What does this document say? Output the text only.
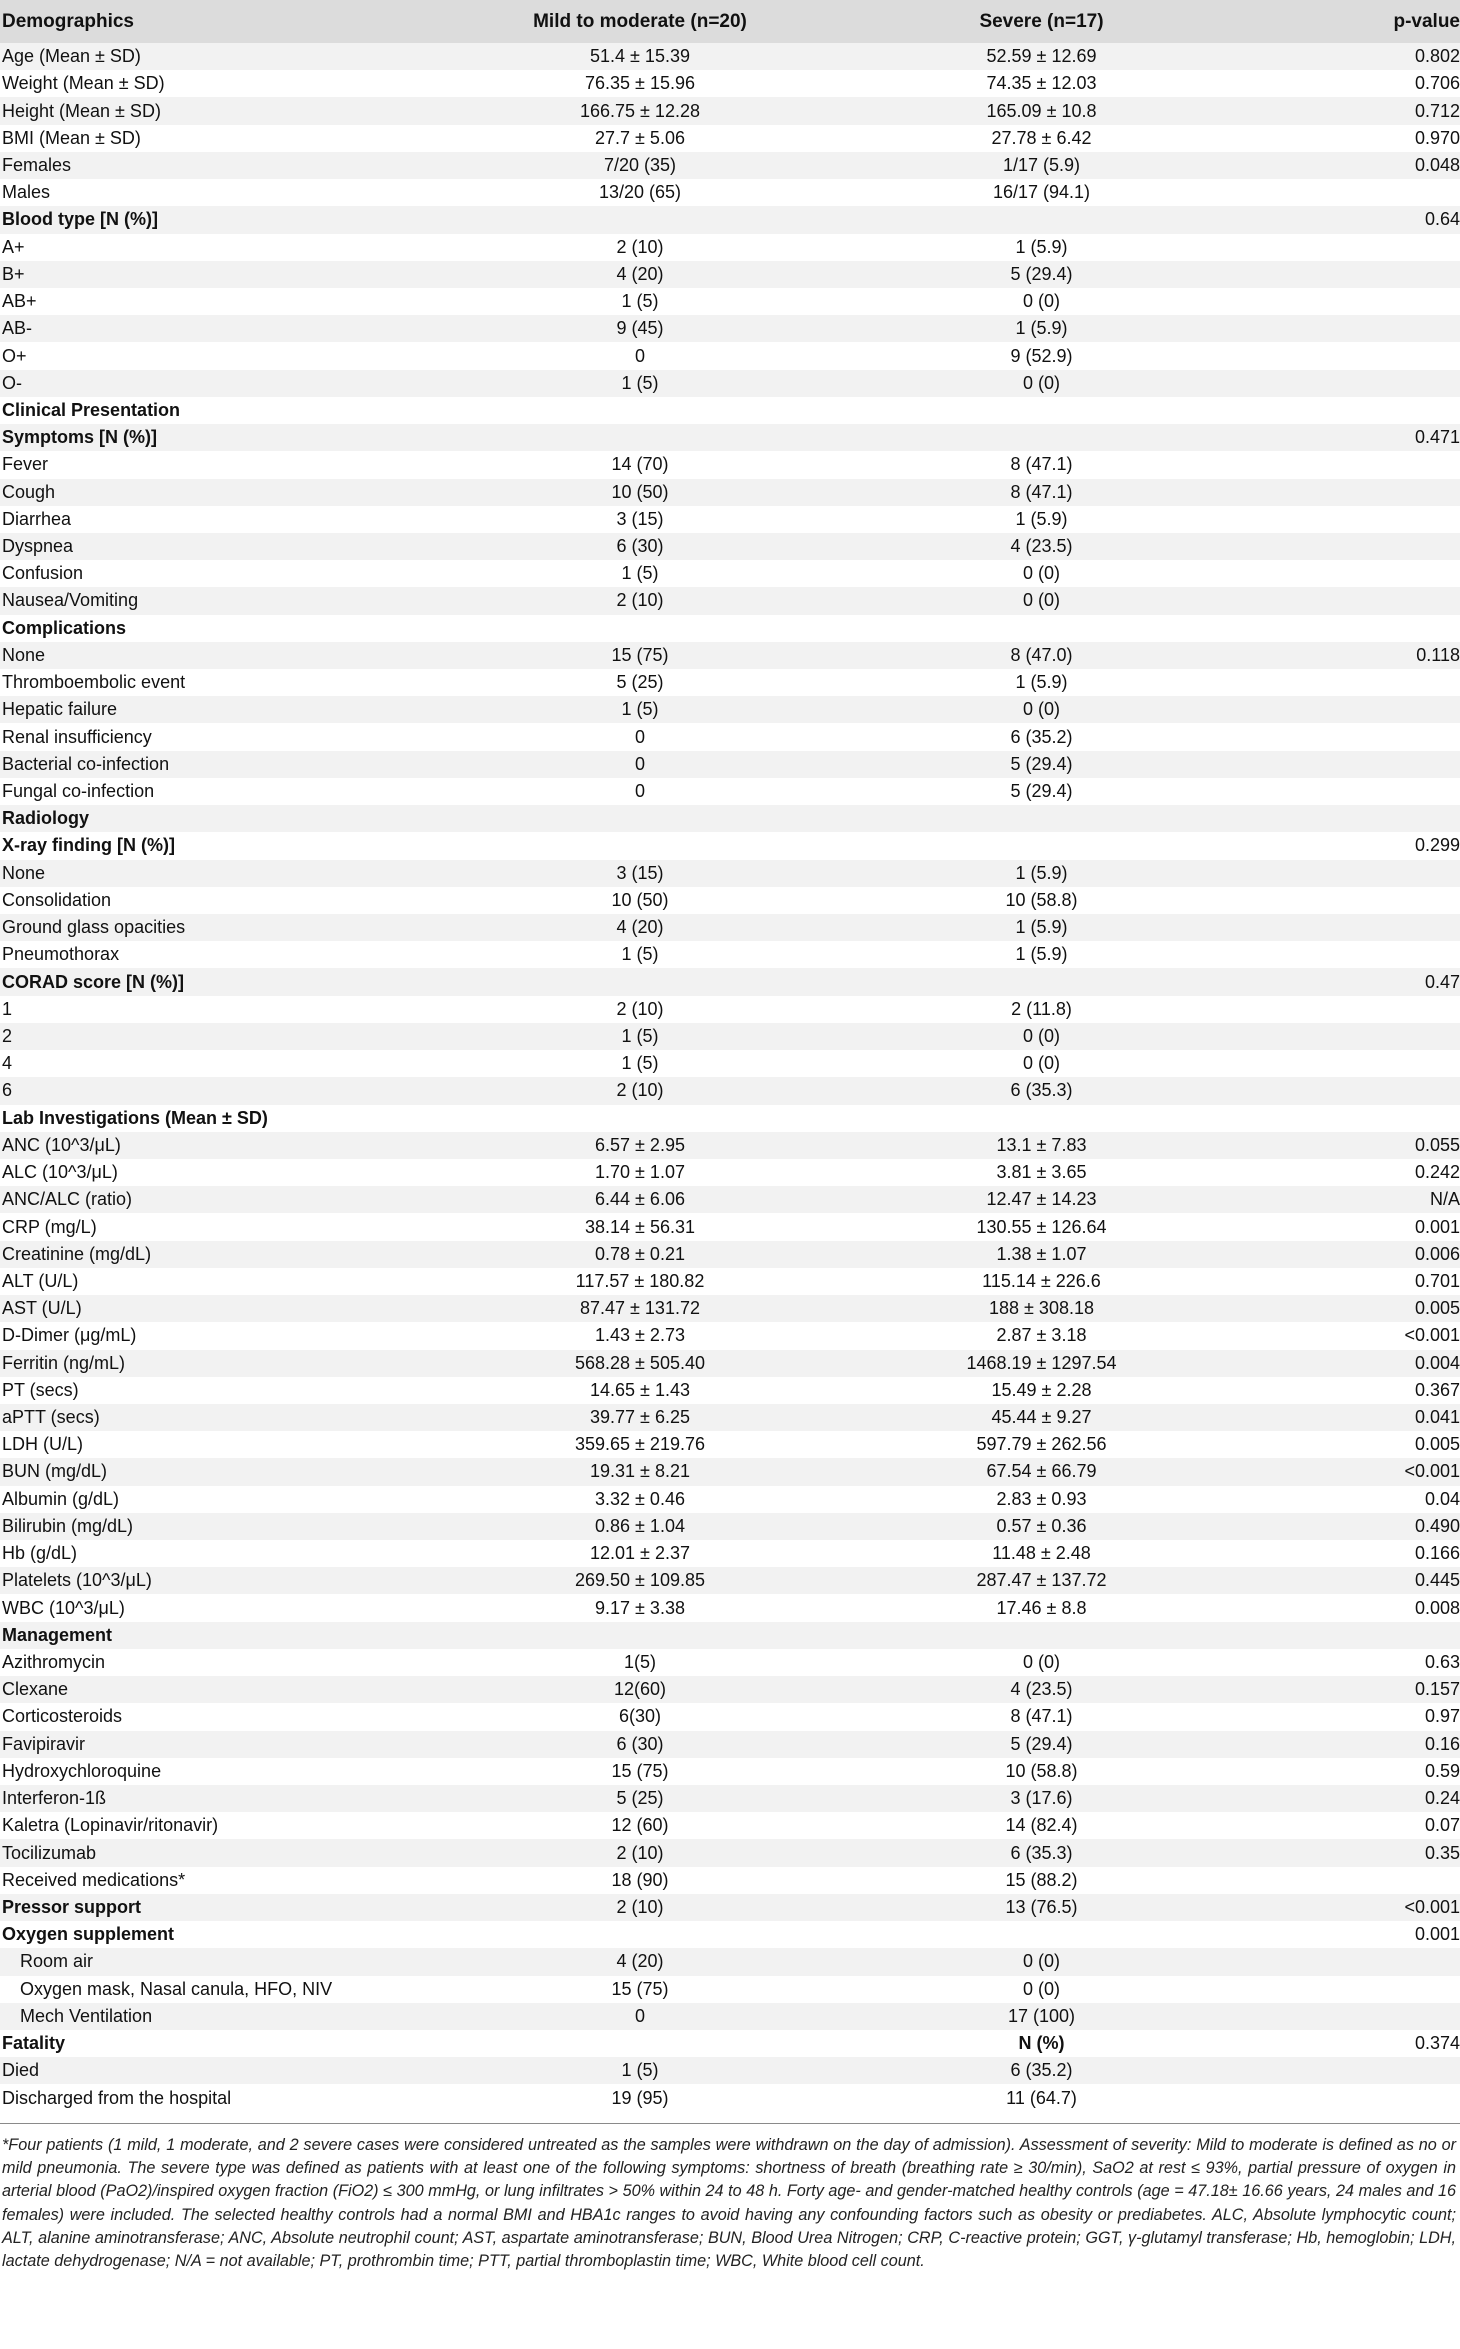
Demographics	Mild to moderate (n=20)	Severe (n=17)	p-value
Age (Mean ± SD)	51.4 ± 15.39	52.59 ± 12.69	0.802
Weight (Mean ± SD)	76.35 ± 15.96	74.35 ± 12.03	0.706
Height (Mean ± SD)	166.75 ± 12.28	165.09 ± 10.8	0.712
BMI (Mean ± SD)	27.7 ± 5.06	27.78 ± 6.42	0.970
Females	7/20 (35)	1/17 (5.9)	0.048
Males	13/20 (65)	16/17 (94.1)	
Blood type [N (%)]			0.64
A+	2 (10)	1 (5.9)	
B+	4 (20)	5 (29.4)	
AB+	1 (5)	0 (0)	
AB-	9 (45)	1 (5.9)	
O+	0	9 (52.9)	
O-	1 (5)	0 (0)	
Clinical Presentation			
Symptoms [N (%)]			0.471
Fever	14 (70)	8 (47.1)	
Cough	10 (50)	8 (47.1)	
Diarrhea	3 (15)	1 (5.9)	
Dyspnea	6 (30)	4 (23.5)	
Confusion	1 (5)	0 (0)	
Nausea/Vomiting	2 (10)	0 (0)	
Complications			
None	15 (75)	8 (47.0)	0.118
Thromboembolic event	5 (25)	1 (5.9)	
Hepatic failure	1 (5)	0 (0)	
Renal insufficiency	0	6 (35.2)	
Bacterial co-infection	0	5 (29.4)	
Fungal co-infection	0	5 (29.4)	
Radiology			
X-ray finding [N (%)]			0.299
None	3 (15)	1 (5.9)	
Consolidation	10 (50)	10 (58.8)	
Ground glass opacities	4 (20)	1 (5.9)	
Pneumothorax	1 (5)	1 (5.9)	
CORAD score [N (%)]			0.47
1	2 (10)	2 (11.8)	
2	1 (5)	0 (0)	
4	1 (5)	0 (0)	
6	2 (10)	6 (35.3)	
Lab Investigations (Mean ± SD)			
ANC (10^3/μL)	6.57 ± 2.95	13.1 ± 7.83	0.055
ALC (10^3/μL)	1.70 ± 1.07	3.81 ± 3.65	0.242
ANC/ALC (ratio)	6.44 ± 6.06	12.47 ± 14.23	N/A
CRP (mg/L)	38.14 ± 56.31	130.55 ± 126.64	0.001
Creatinine (mg/dL)	0.78 ± 0.21	1.38 ± 1.07	0.006
ALT (U/L)	117.57 ± 180.82	115.14 ± 226.6	0.701
AST (U/L)	87.47 ± 131.72	188 ± 308.18	0.005
D-Dimer (μg/mL)	1.43 ± 2.73	2.87 ± 3.18	<0.001
Ferritin (ng/mL)	568.28 ± 505.40	1468.19 ± 1297.54	0.004
PT (secs)	14.65 ± 1.43	15.49 ± 2.28	0.367
aPTT (secs)	39.77 ± 6.25	45.44 ± 9.27	0.041
LDH (U/L)	359.65 ± 219.76	597.79 ± 262.56	0.005
BUN (mg/dL)	19.31 ± 8.21	67.54 ± 66.79	<0.001
Albumin (g/dL)	3.32 ± 0.46	2.83 ± 0.93	0.04
Bilirubin (mg/dL)	0.86 ± 1.04	0.57 ± 0.36	0.490
Hb (g/dL)	12.01 ± 2.37	11.48 ± 2.48	0.166
Platelets (10^3/μL)	269.50 ± 109.85	287.47 ± 137.72	0.445
WBC (10^3/μL)	9.17 ± 3.38	17.46 ± 8.8	0.008
Management			
Azithromycin	1(5)	0 (0)	0.63
Clexane	12(60)	4 (23.5)	0.157
Corticosteroids	6(30)	8 (47.1)	0.97
Favipiravir	6 (30)	5 (29.4)	0.16
Hydroxychloroquine	15 (75)	10 (58.8)	0.59
Interferon-1ß	5 (25)	3 (17.6)	0.24
Kaletra (Lopinavir/ritonavir)	12 (60)	14 (82.4)	0.07
Tocilizumab	2 (10)	6 (35.3)	0.35
Received medications*	18 (90)	15 (88.2)	
Pressor support	2 (10)	13 (76.5)	<0.001
Oxygen supplement			0.001
Room air	4 (20)	0 (0)	
Oxygen mask, Nasal canula, HFO, NIV	15 (75)	0 (0)	
Mech Ventilation	0	17 (100)	
Fatality		N (%)	0.374
Died	1 (5)	6 (35.2)	
Discharged from the hospital	19 (95)	11 (64.7)	

*Four patients (1 mild, 1 moderate, and 2 severe cases were considered untreated as the samples were withdrawn on the day of admission). Assessment of severity: Mild to moderate is defined as no or mild pneumonia. The severe type was defined as patients with at least one of the following symptoms: shortness of breath (breathing rate ≥ 30/min), SaO2 at rest ≤ 93%, partial pressure of oxygen in arterial blood (PaO2)/inspired oxygen fraction (FiO2) ≤ 300 mmHg, or lung infiltrates > 50% within 24 to 48 h. Forty age- and gender-matched healthy controls (age = 47.18± 16.66 years, 24 males and 16 females) were included. The selected healthy controls had a normal BMI and HBA1c ranges to avoid having any confounding factors such as obesity or prediabetes. ALC, Absolute lymphocytic count; ALT, alanine aminotransferase; ANC, Absolute neutrophil count; AST, aspartate aminotransferase; BUN, Blood Urea Nitrogen; CRP, C-reactive protein; GGT, γ-glutamyl transferase; Hb, hemoglobin; LDH, lactate dehydrogenase; N/A = not available; PT, prothrombin time; PTT, partial thromboplastin time; WBC, White blood cell count.
